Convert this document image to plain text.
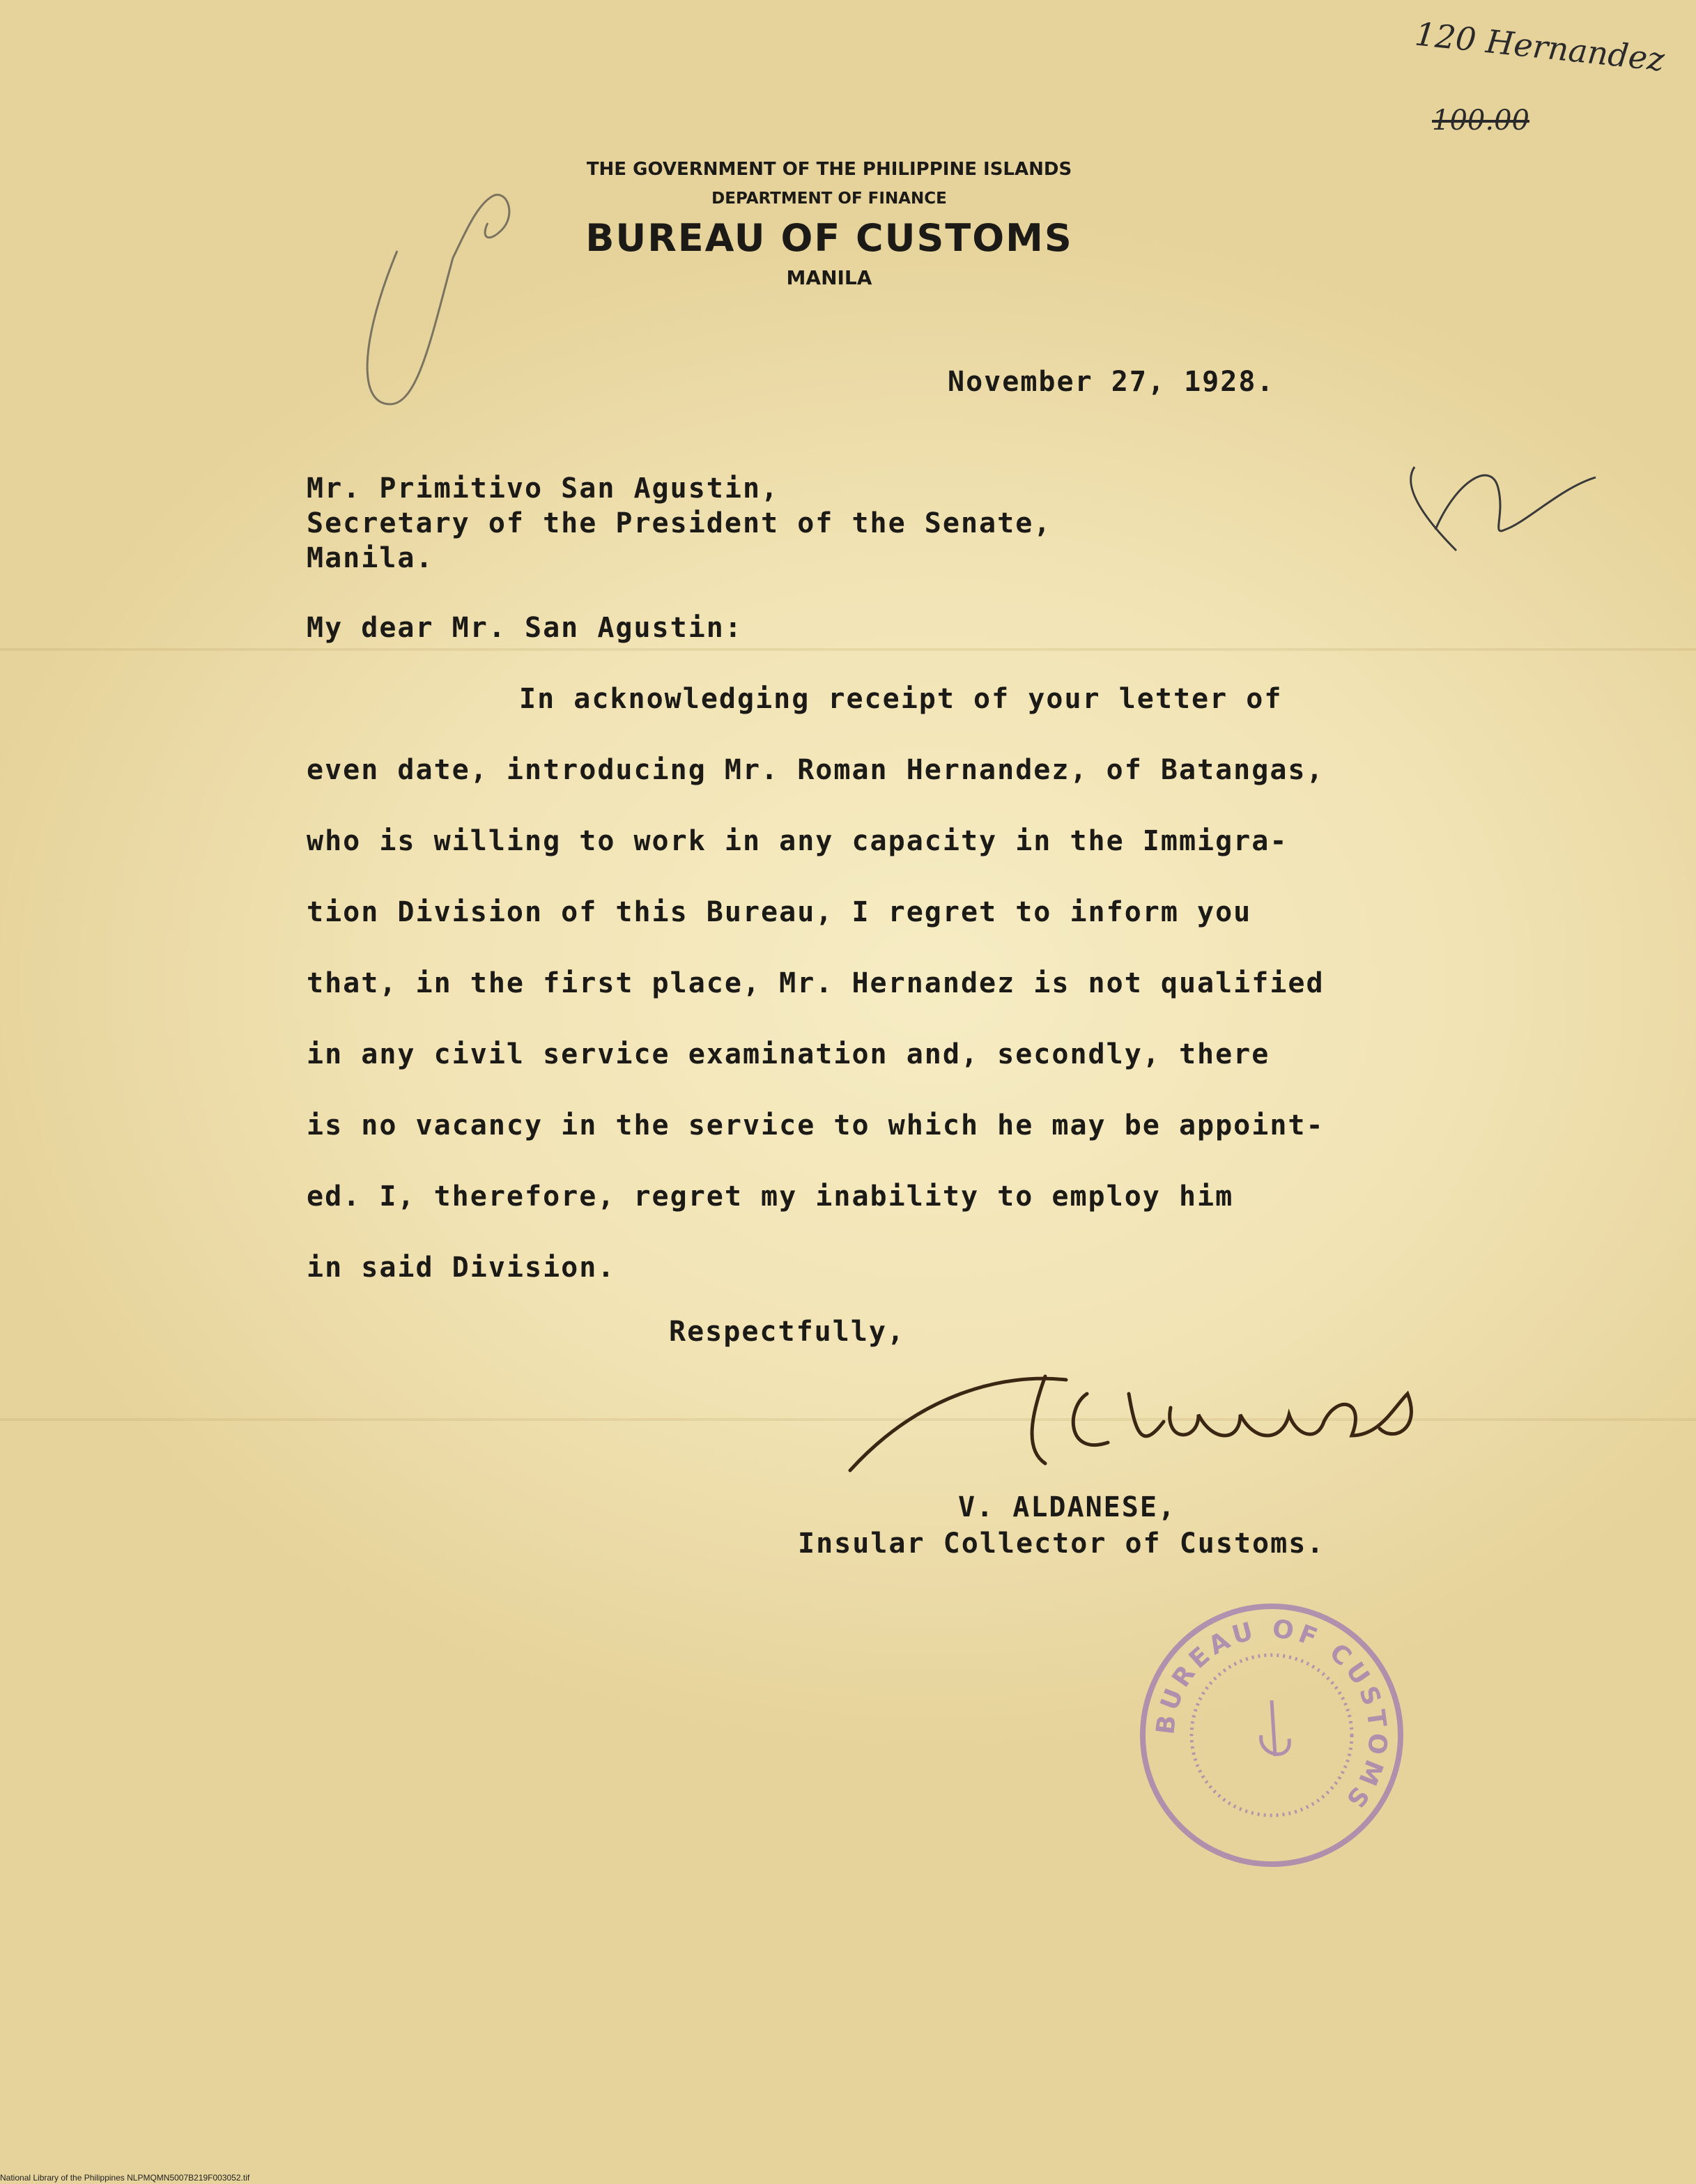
120 Hernandez
100.00
THE GOVERNMENT OF THE PHILIPPINE ISLANDS
DEPARTMENT OF FINANCE
BUREAU OF CUSTOMS
MANILA
November 27, 1928.
Mr. Primitivo San Agustin,
Secretary of the President of the Senate,
Manila.
My dear Mr. San Agustin:
In acknowledging receipt of your letter of
even date, introducing Mr. Roman Hernandez, of Batangas,
who is willing to work in any capacity in the Immigra-
tion Division of this Bureau, I regret to inform you
that, in the first place, Mr. Hernandez is not qualified
in any civil service examination and, secondly, there
is no vacancy in the service to which he may be appoint-
ed. I, therefore, regret my inability to employ him
in said Division.
Respectfully,
V. ALDANESE,
Insular Collector of Customs.
BUREAU OF CUSTOMS
National Library of the Philippines NLPMQMN5007B219F003052.tif
